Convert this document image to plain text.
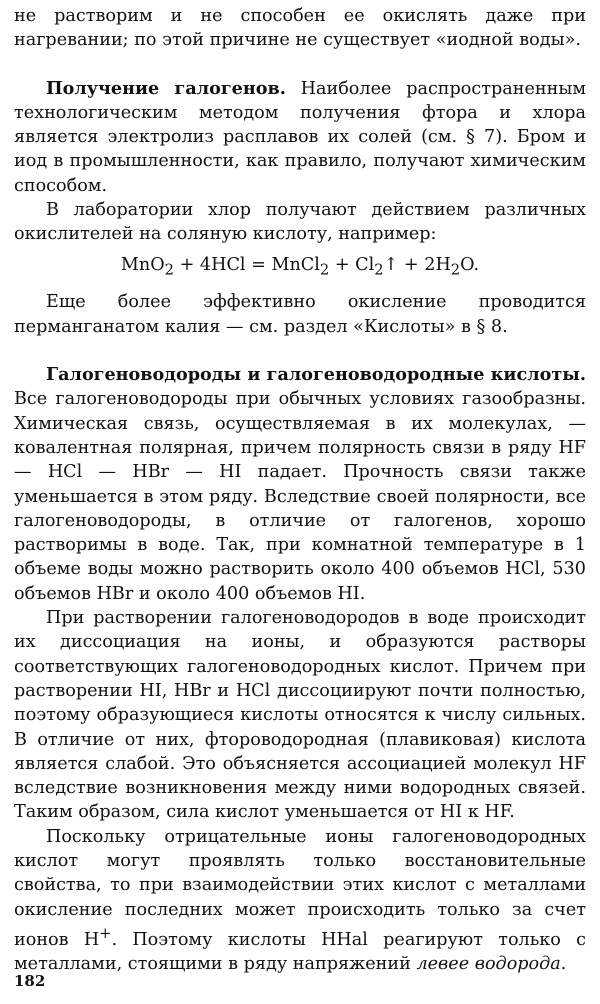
не растворим и не способен ее окислять даже при нагревании; по этой причине не существует «иодной воды».

Получение галогенов. Наиболее распространенным технологическим методом получения фтора и хлора является электролиз расплавов их солей (см. § 7). Бром и иод в промышленности, как правило, получают химическим способом.

В лаборатории хлор получают действием различных окислителей на соляную кислоту, например:

MnO$_2$ + 4HCl = MnCl$_2$ + $Cl_2↑ + 2H_2O$.

Еще более эффективно окисление проводится перманганатом калия — см. раздел «Кислоты» в § 8.

Галогеноводороды и галогеноводородные кислоты. Все галогеноводороды при обычных условиях газообразны. Химическая связь, осуществляемая в их молекулах, — ковалентная полярная, причем полярность связи в ряду HF — HCl — HBr — HI падает. Прочность связи также уменьшается в этом ряду. Вследствие своей полярности, все галогеноводороды, в отличие от галогенов, хорошо растворимы в воде. Так, при комнатной температуре в 1 объеме воды можно растворить около 400 объемов HCl, 530 объемов HBr и около 400 объемов HI.

При растворении галогеноводородов в воде происходит их диссоциация на ионы, и образуются растворы соответствующих галогеноводородных кислот. Причем при растворении HI, HBr и HCl диссоциируют почти полностью, поэтому образующиеся кислоты относятся к числу сильных. В отличие от них, фтороводородная (плавиковая) кислота является слабой. Это объясняется ассоциацией молекул HF вследствие возникновения между ними водородных связей. Таким образом, сила кислот уменьшается от HI к HF.

Поскольку отрицательные ионы галогеноводородных кислот могут проявлять только восстановительные свойства, то при взаимодействии этих кислот с металлами окисление последних может происходить только за счет ионов H+. Поэтому кислоты HHal реагируют только с металлами, стоящими в ряду напряжений левее водорода.

182
